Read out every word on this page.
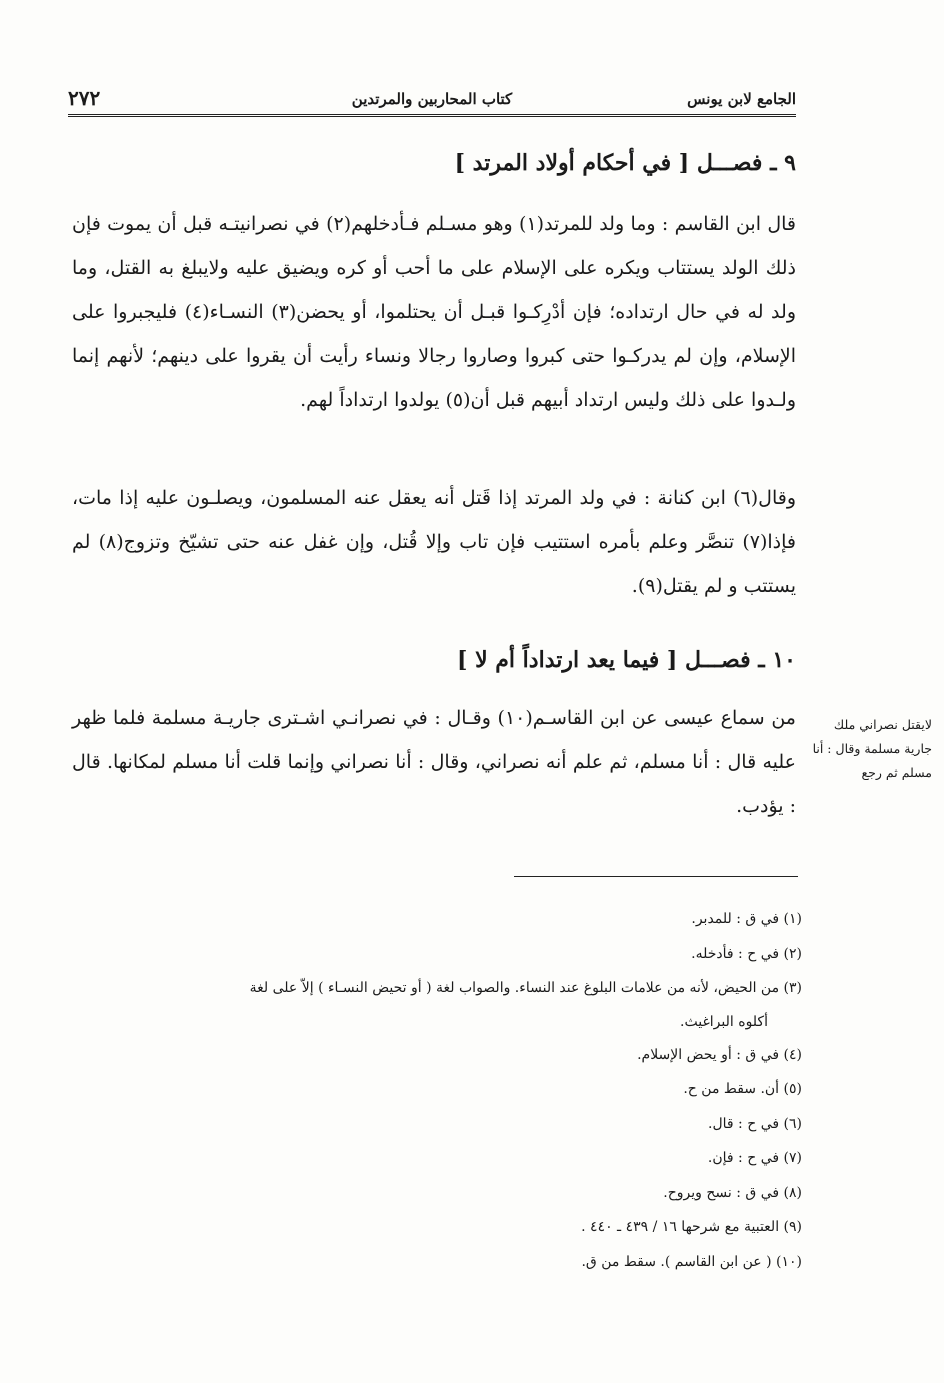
الجامع لابن يونس
كتاب المحاربين والمرتدين
٢٧٢
٩ ـ فصـــل [ في أحكام أولاد المرتد ]

قال ابن القاسم : وما ولد للمرتد(١) وهو مسـلم فـأدخلهم(٢) في نصرانيتـه قبل أن يموت فإن ذلك الولد يستتاب ويكره على الإسلام على ما أحب أو كره ويضيق عليه ولايبلغ به القتل، وما ولد له في حال ارتداده؛ فإن أدْرِكـوا قبـل أن يحتلموا، أو يحضن(٣) النسـاء(٤) فليجبروا على الإسلام، وإن لم يدركـوا حتى كبروا وصاروا رجالا ونساء رأيت أن يقروا على دينهم؛ لأنهم إنما ولـدوا على ذلك وليس ارتداد أبيهم قبل أن(٥) يولدوا ارتداداً لهم.

وقال(٦) ابن كنانة : في ولد المرتد إذا قَتل أنه يعقل عنه المسلمون، ويصلـون عليه إذا مات، فإذا(٧) تنصَّر وعلم بأمره استتيب فإن تاب وإلا قُتل، وإن غفل عنه حتى تشيّخ وتزوج(٨) لم يستتب و لم يقتل(٩).

١٠ ـ فصـــل [ فيما يعد ارتداداً أم لا ]

من سماع عيسى عن ابن القاسـم(١٠) وقـال : في نصرانـي اشـترى جاريـة مسلمة فلما ظهر عليه قال : أنا مسلم، ثم علم أنه نصراني، وقال : أنا نصراني وإنما قلت أنا مسلم لمكانها. قال : يؤدب.

لايقتل نصراني ملك جارية مسلمة وقال : أنا مسلم ثم رجع
(١) في ق : للمدبر.
(٢) في ح : فأدخله.
(٣) من الحيض، لأنه من علامات البلوغ عند النساء. والصواب لغة ( أو تحيض النسـاء ) إلاّ على لغة
أكلوه البراغيث.
(٤) في ق : أو يحض الإسلام.
(٥) أن. سقط من ح.
(٦) في ح : قال.
(٧) في ح : فإن.
(٨) في ق : نسح ويروح.
(٩) العتبية مع شرحها ١٦ / ٤٣٩ ـ ٤٤٠ .
(١٠) ( عن ابن القاسم ). سقط من ق.
